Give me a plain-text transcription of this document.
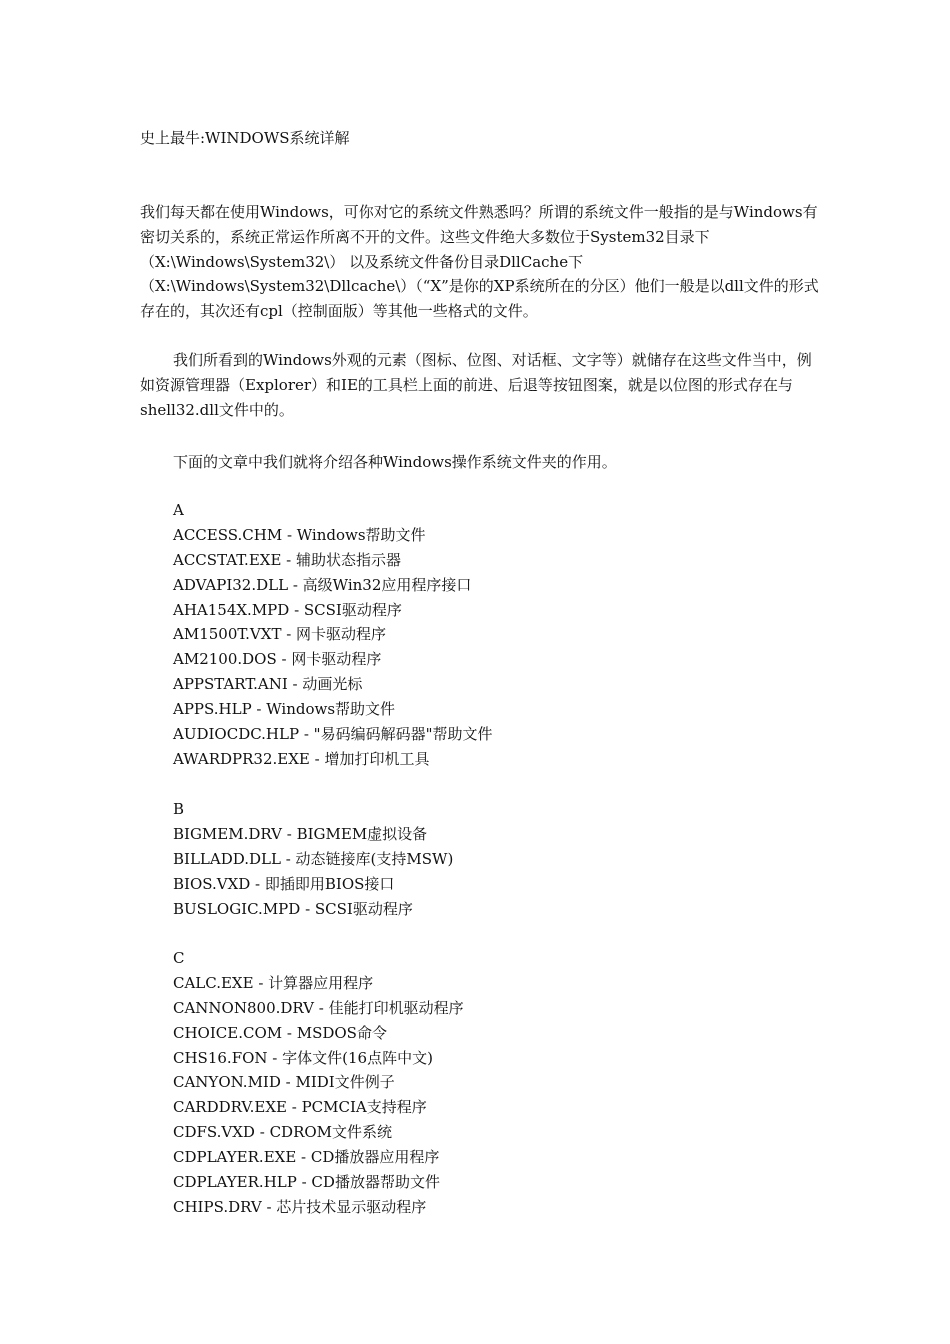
史上最牛:WINDOWS系统详解

我们每天都在使用Windows，可你对它的系统文件熟悉吗？所谓的系统文件一般指的是与Windows有密切关系的，系统正常运作所离不开的文件。这些文件绝大多数位于System32目录下（X:\Windows\System32\） 以及系统文件备份目录DllCache下（X:\Windows\System32\Dllcache\）（“X”是你的XP系统所在的分区）他们一般是以dll文件的形式存在的，其次还有cpl（控制面版）等其他一些格式的文件。

我们所看到的Windows外观的元素（图标、位图、对话框、文字等）就储存在这些文件当中，例如资源管理器（Explorer）和IE的工具栏上面的前进、后退等按钮图案，就是以位图的形式存在与shell32.dll文件中的。

下面的文章中我们就将介绍各种Windows操作系统文件夹的作用。

A
ACCESS.CHM - Windows帮助文件
ACCSTAT.EXE - 辅助状态指示器
ADVAPI32.DLL - 高级Win32应用程序接口
AHA154X.MPD - SCSI驱动程序
AM1500T.VXT - 网卡驱动程序
AM2100.DOS - 网卡驱动程序
APPSTART.ANI - 动画光标
APPS.HLP - Windows帮助文件
AUDIOCDC.HLP - "易码编码解码器"帮助文件
AWARDPR32.EXE - 增加打印机工具
B
BIGMEM.DRV - BIGMEM虚拟设备
BILLADD.DLL - 动态链接库(支持MSW)
BIOS.VXD - 即插即用BIOS接口
BUSLOGIC.MPD - SCSI驱动程序
C
CALC.EXE - 计算器应用程序
CANNON800.DRV - 佳能打印机驱动程序
CHOICE.COM - MSDOS命令
CHS16.FON - 字体文件(16点阵中文)
CANYON.MID - MIDI文件例子
CARDDRV.EXE - PCMCIA支持程序
CDFS.VXD - CDROM文件系统
CDPLAYER.EXE - CD播放器应用程序
CDPLAYER.HLP - CD播放器帮助文件
CHIPS.DRV - 芯片技术显示驱动程序
